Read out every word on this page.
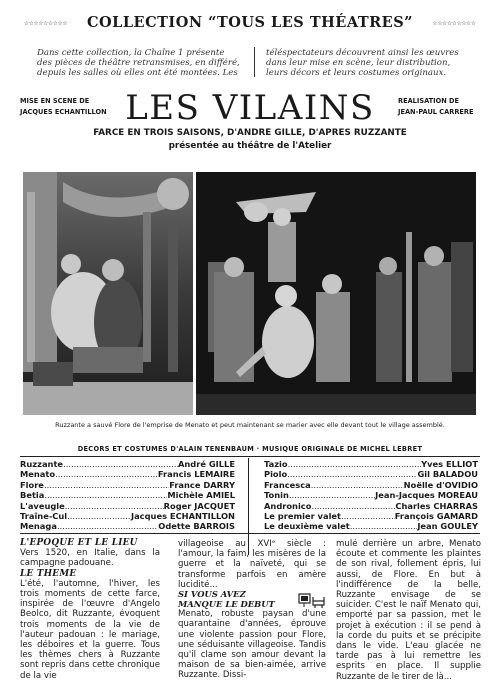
☆☆☆☆☆☆☆☆☆	COLLECTION “TOUS LES THÉATRES”	☆☆☆☆☆☆☆☆☆
Dans cette collection, la Chaîne 1 présente
des pièces de théâtre retransmises, en différé,
depuis les salles où elles ont été montées. Les
téléspectateurs découvrent ainsi les œuvres
dans leur mise en scène, leur distribution,
leurs décors et leurs costumes originaux.
MISE EN SCENE DE
JACQUES ECHANTILLON LES VILAINS	REALISATION DE
JEAN-PAUL CARRERE
FARCE EN TROIS SAISONS, D'ANDRE GILLE, D'APRES RUZZANTE
présentée au théâtre de l'Atelier
Ruzzante a sauvé Flore de l'emprise de Menato et peut maintenant se marier avec elle devant tout le village assemblé.
DECORS ET COSTUMES D'ALAIN TENENBAUM · MUSIQUE ORIGINALE DE MICHEL LEBRET
Ruzzante .....	André GILLE
Menato .....	Francis LEMAIRE
Flore .....	France DARRY
Betia .....	Michèle AMIEL
L'aveugle .....	Roger JACQUET
Traîne-Cul .....	Jacques ECHANTILLON
Menaga .....	Odette BARROIS
Tazio .....	Yves ELLIOT
Piolo .....	Gil BALADOU
Francesca .....	Noëlle d'OVIDIO
Tonin .....	Jean-Jacques MOREAU
Andronico .....	Charles CHARRAS
Le premier valet .....	François GAMARD
Le deuxième valet .....	Jean GOULEY
L'EPOQUE ET LE LIEU
Vers 1520, en Italie, dans la campagne padouane.
LE THEME
L'été, l'automne, l'hiver, les trois moments de cette farce, inspirée de l'œuvre d'Angelo Beolco, dit Ruzzante, évoquent trois moments de la vie de l'auteur padouan : le mariage, les déboires et la guerre. Tous les thèmes chers à Ruzzante sont repris dans cette chronique de la vie
villageoise au XVIᵉ siècle : l'amour, la faim, les misères de la guerre et la naïveté, qui se transforme parfois en amère lucidité...
SI VOUS AVEZ
MANQUE LE DEBUT
Menato, robuste paysan d'une quarantaine d'années, éprouve une violente passion pour Flore, une séduisante villageoise. Tandis qu'il clame son amour devant la maison de sa bien-aimée, arrive Ruzzante. Dissi-
mulé derrière un arbre, Menato écoute et commente les plaintes de son rival, follement épris, lui aussi, de Flore. En but à l'indifférence de la belle, Ruzzante envisage de se suicider. C'est le naïf Menato qui, emporté par sa passion, met le projet à exécution : il se pend à la corde du puits et se précipite dans le vide. L'eau glacée ne tarde pas à lui remettre les esprits en place. Il supplie Ruzzante de le tirer de là...
